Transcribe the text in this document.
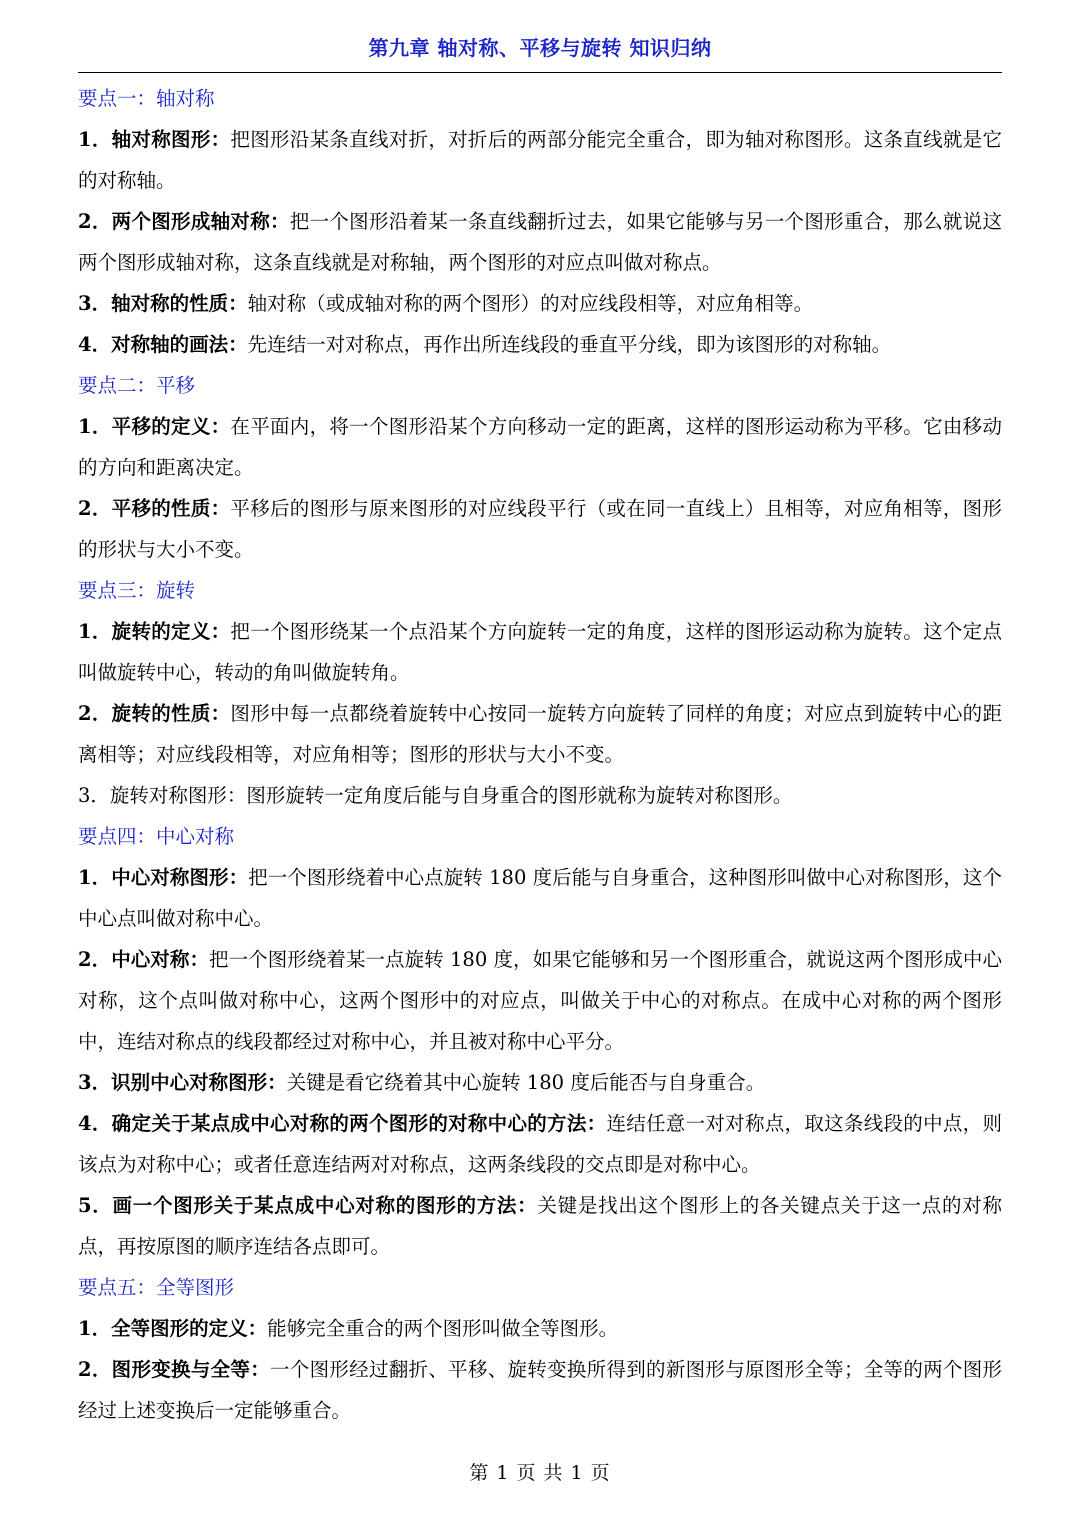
第九章 轴对称、平移与旋转 知识归纳

要点一：轴对称

1．轴对称图形：把图形沿某条直线对折，对折后的两部分能完全重合，即为轴对称图形。这条直线就是它的对称轴。

2．两个图形成轴对称：把一个图形沿着某一条直线翻折过去，如果它能够与另一个图形重合，那么就说这两个图形成轴对称，这条直线就是对称轴，两个图形的对应点叫做对称点。

3．轴对称的性质：轴对称（或成轴对称的两个图形）的对应线段相等，对应角相等。

4．对称轴的画法：先连结一对对称点，再作出所连线段的垂直平分线，即为该图形的对称轴。

要点二：平移

1．平移的定义：在平面内，将一个图形沿某个方向移动一定的距离，这样的图形运动称为平移。它由移动的方向和距离决定。

2．平移的性质：平移后的图形与原来图形的对应线段平行（或在同一直线上）且相等，对应角相等，图形的形状与大小不变。

要点三：旋转

1．旋转的定义：把一个图形绕某一个点沿某个方向旋转一定的角度，这样的图形运动称为旋转。这个定点叫做旋转中心，转动的角叫做旋转角。

2．旋转的性质：图形中每一点都绕着旋转中心按同一旋转方向旋转了同样的角度；对应点到旋转中心的距离相等；对应线段相等，对应角相等；图形的形状与大小不变。

3．旋转对称图形：图形旋转一定角度后能与自身重合的图形就称为旋转对称图形。

要点四：中心对称

1．中心对称图形：把一个图形绕着中心点旋转 180 度后能与自身重合，这种图形叫做中心对称图形，这个中心点叫做对称中心。

2．中心对称：把一个图形绕着某一点旋转 180 度，如果它能够和另一个图形重合，就说这两个图形成中心对称，这个点叫做对称中心，这两个图形中的对应点，叫做关于中心的对称点。在成中心对称的两个图形中，连结对称点的线段都经过对称中心，并且被对称中心平分。

3．识别中心对称图形：关键是看它绕着其中心旋转 180 度后能否与自身重合。

4．确定关于某点成中心对称的两个图形的对称中心的方法：连结任意一对对称点，取这条线段的中点，则该点为对称中心；或者任意连结两对对称点，这两条线段的交点即是对称中心。

5．画一个图形关于某点成中心对称的图形的方法：关键是找出这个图形上的各关键点关于这一点的对称点，再按原图的顺序连结各点即可。

要点五：全等图形

1．全等图形的定义：能够完全重合的两个图形叫做全等图形。

2．图形变换与全等：一个图形经过翻折、平移、旋转变换所得到的新图形与原图形全等；全等的两个图形经过上述变换后一定能够重合。

第 1 页 共 1 页
